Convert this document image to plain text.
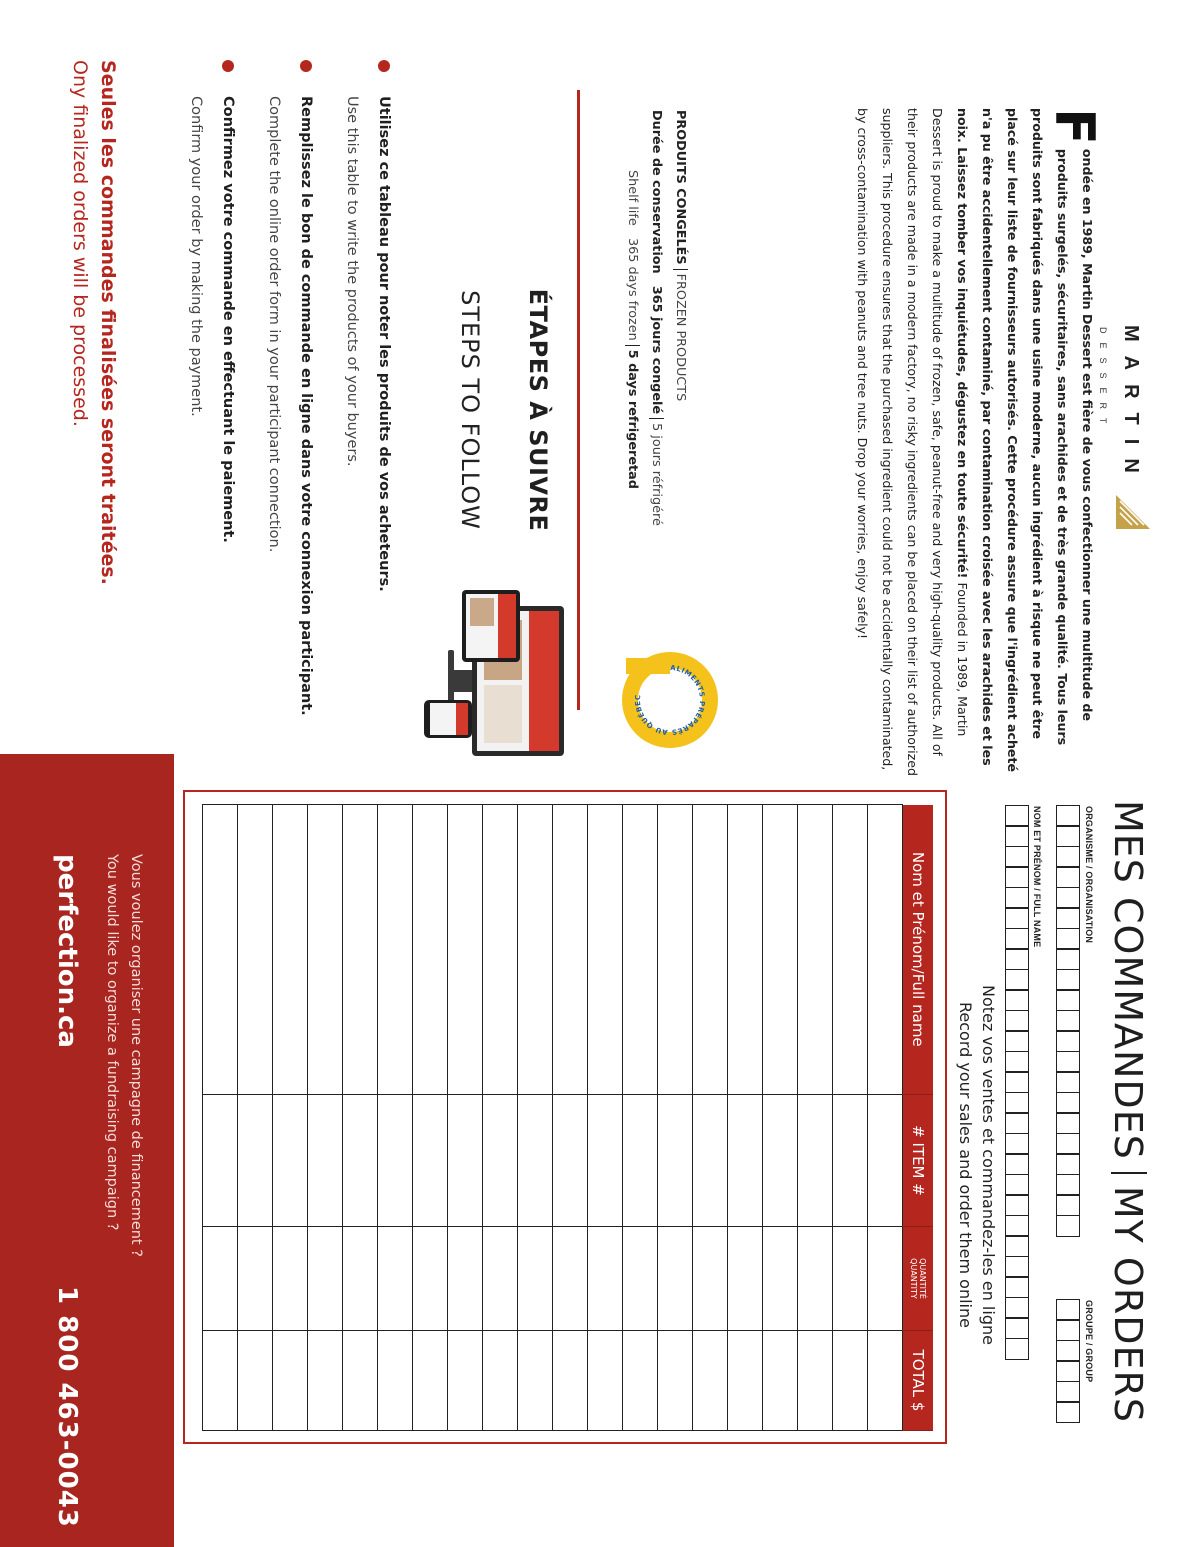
MARTIN
DESSERT
F
ondée en 1989, Martin Dessert est fière de vous confectionner une multitude de produits surgelés, sécuritaires, sans arachides et de très grande qualité. Tous leurs produits sont fabriqués dans une usine moderne, aucun ingrédient à risque ne peut être placé sur leur liste de fournisseurs autorisés. Cette procédure assure que l'ingrédient acheté n'a pu être accidentellement contaminé, par contamination croisée avec les arachides et les noix. Laissez tomber vos inquiétudes, dégustez en toute sécurité! Founded in 1989, Martin Dessert is proud to make a multitude of frozen, safe, peanut-free and very high-quality products. All of their products are made in a modern factory, no risky ingredients can be placed on their list of authorized suppliers. This procedure ensures that the purchased ingredient could not be accidentally contaminated, by cross-contamination with peanuts and tree nuts. Drop your worries, enjoy safely!
PRODUITS CONGELÉSFROZEN PRODUCTS
Durée de conservation   365 jours congelé5 jours réfrigéré
Shelf life   365 days frozen5 days refrigeretad
ALIMENTS PRÉPARÉS AU QUÉBEC
ÉTAPES À SUIVRE
STEPS TO FOLLOW
Utilisez ce tableau pour noter les produits de vos acheteurs.
Use this table to write the products of your buyers.
Remplissez le bon de commande en ligne dans votre connexion participant. Complete the online order form in your participant connection.
Confirmez votre commande en effectuant le paiement.
Confirm your order by making the payment.
Seules les commandes finalisées seront traitées.
Ony finalized orders will be processed.
MES COMMANDESMY ORDERS
ORGANISME / ORGANISATION
GROUPE / GROUP
NOM ET PRÉNOM / FULL NAME
Notez vos ventes et commandez-les en ligne
Record your sales and order them online
Nom et Prénom/Full name	# ITEM #	QUANTITÉ
QUANTITY	TOTAL $

Vous voulez organiser une campagne de financement ?
You would like to organize a fundraising campaign ?
perfection.ca
1 800 463-0043
